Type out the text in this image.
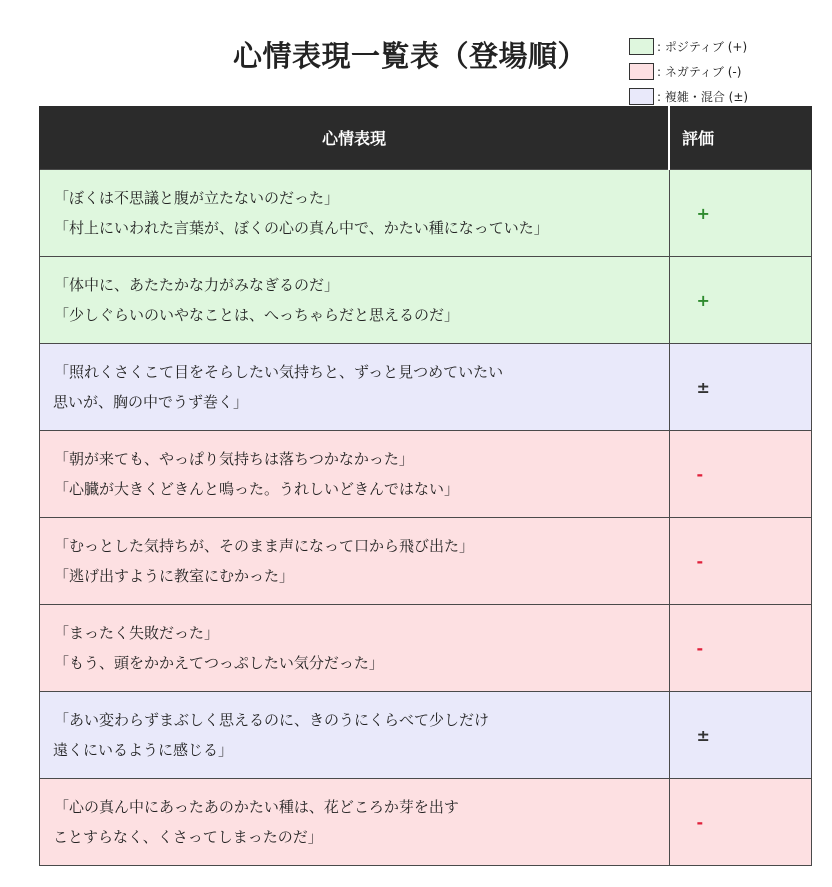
心情表現一覧表（登場順）	: ポジティブ (+)
: ネガティブ (-)
: 複雑・混合 (±)
心情表現	評価

「ぼくは不思議と腹が立たないのだった」
「村上にいわれた言葉が、ぼくの心の真ん中で、かたい種になっていた」	+

「体中に、あたたかな力がみなぎるのだ」
「少しぐらいのいやなことは、へっちゃらだと思えるのだ」	+

「照れくさくこて目をそらしたい気持ちと、ずっと見つめていたい
思いが、胸の中でうず巻く」	±

「朝が来ても、やっぱり気持ちは落ちつかなかった」
「心臓が大きくどきんと鳴った。うれしいどきんではない」	-

「むっとした気持ちが、そのまま声になって口から飛び出た」
「逃げ出すように教室にむかった」	-

「まったく失敗だった」
「もう、頭をかかえてつっぷしたい気分だった」	-

「あい変わらずまぶしく思えるのに、きのうにくらべて少しだけ
遠くにいるように感じる」	±

「心の真ん中にあったあのかたい種は、花どころか芽を出す
ことすらなく、くさってしまったのだ」	-
